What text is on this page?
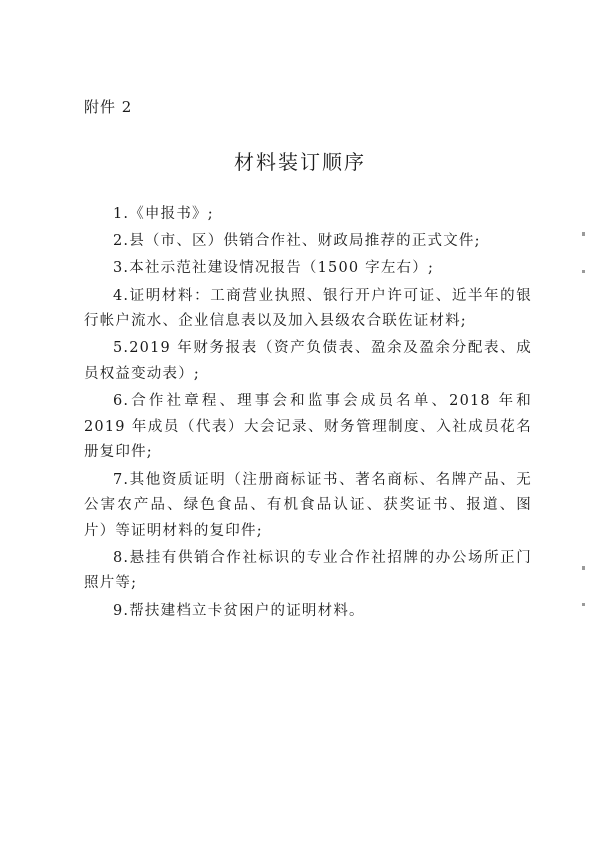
附件 2
材料装订顺序

1.《申报书》;

2.县（市、区）供销合作社、财政局推荐的正式文件;

3.本社示范社建设情况报告（1500 字左右）;

4.证明材料：工商营业执照、银行开户许可证、近半年的银行帐户流水、企业信息表以及加入县级农合联佐证材料;

5.2019 年财务报表（资产负债表、盈余及盈余分配表、成员权益变动表）;

6.合作社章程、理事会和监事会成员名单、2018 年和 2019 年成员（代表）大会记录、财务管理制度、入社成员花名册复印件;

7.其他资质证明（注册商标证书、著名商标、名牌产品、无公害农产品、绿色食品、有机食品认证、获奖证书、报道、图片）等证明材料的复印件;

8.悬挂有供销合作社标识的专业合作社招牌的办公场所正门照片等;

9.帮扶建档立卡贫困户的证明材料。
